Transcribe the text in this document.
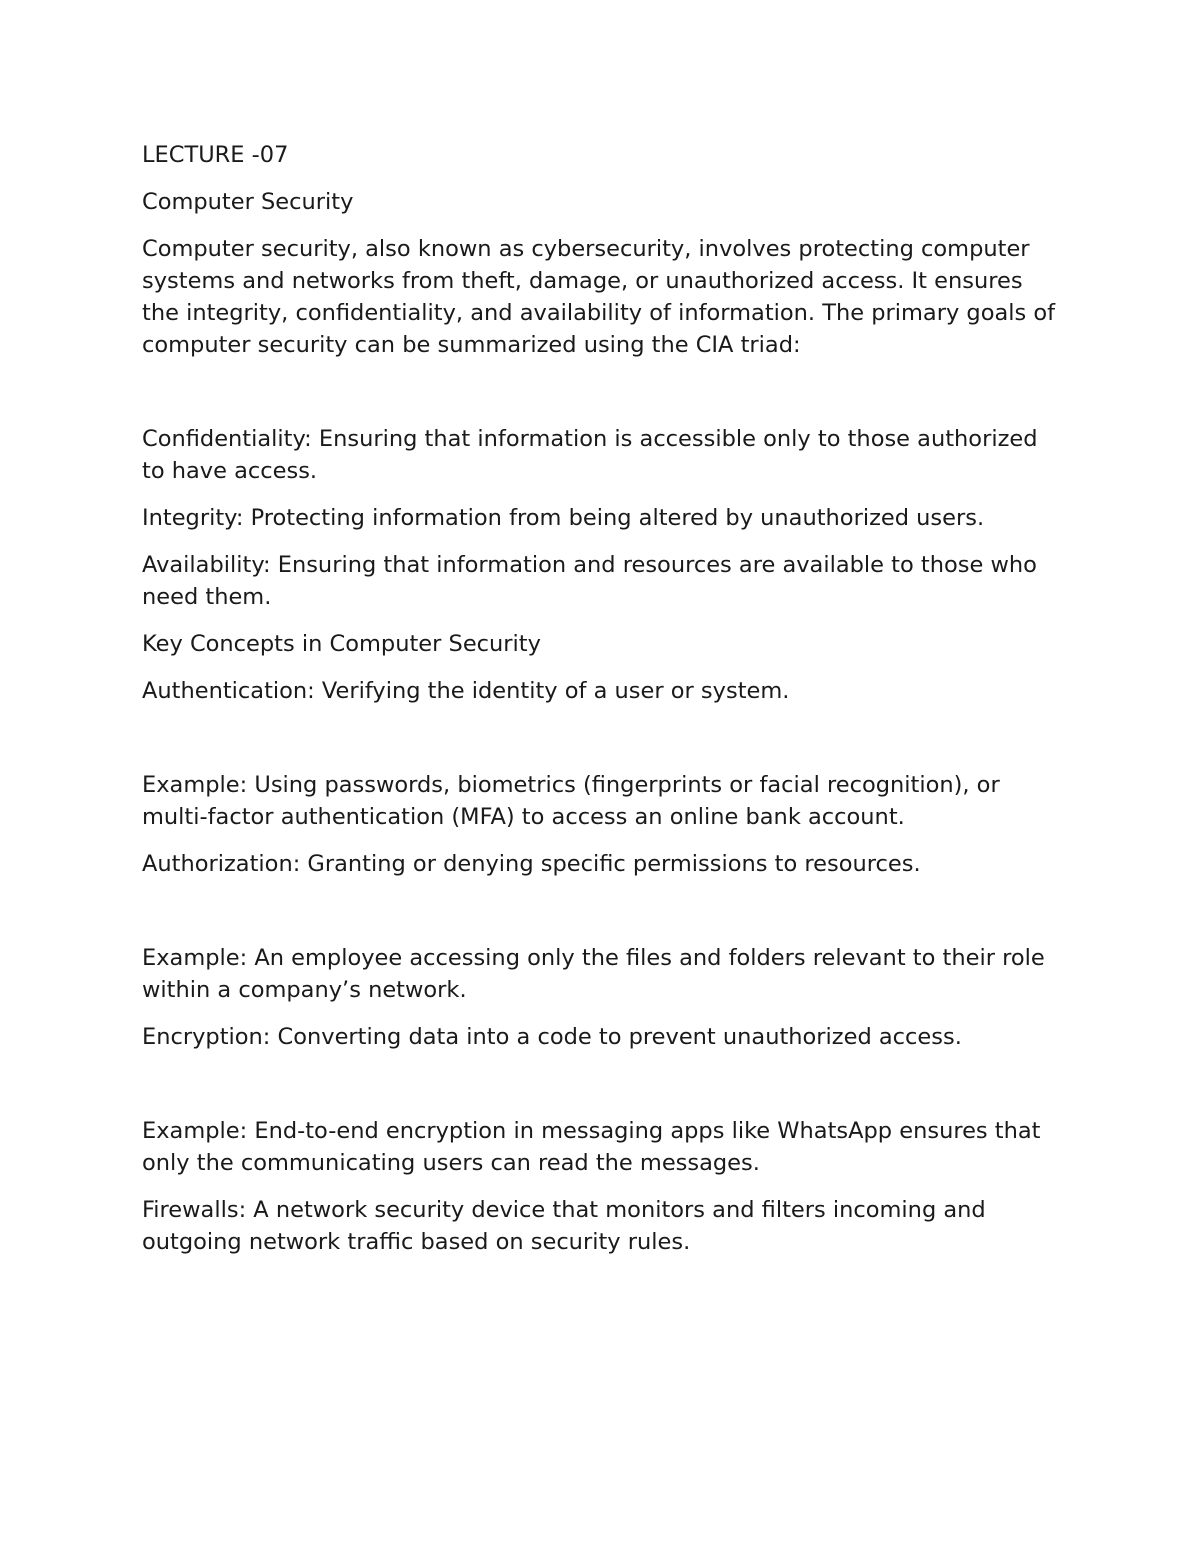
LECTURE -07

Computer Security

Computer security, also known as cybersecurity, involves protecting computer systems and networks from theft, damage, or unauthorized access. It ensures the integrity, confidentiality, and availability of information. The primary goals of computer security can be summarized using the CIA triad:

Confidentiality: Ensuring that information is accessible only to those authorized to have access.

Integrity: Protecting information from being altered by unauthorized users.

Availability: Ensuring that information and resources are available to those who need them.

Key Concepts in Computer Security

Authentication: Verifying the identity of a user or system.

Example: Using passwords, biometrics (fingerprints or facial recognition), or multi-factor authentication (MFA) to access an online bank account.

Authorization: Granting or denying specific permissions to resources.

Example: An employee accessing only the files and folders relevant to their role within a company’s network.

Encryption: Converting data into a code to prevent unauthorized access.

Example: End-to-end encryption in messaging apps like WhatsApp ensures that only the communicating users can read the messages.

Firewalls: A network security device that monitors and filters incoming and outgoing network traffic based on security rules.
